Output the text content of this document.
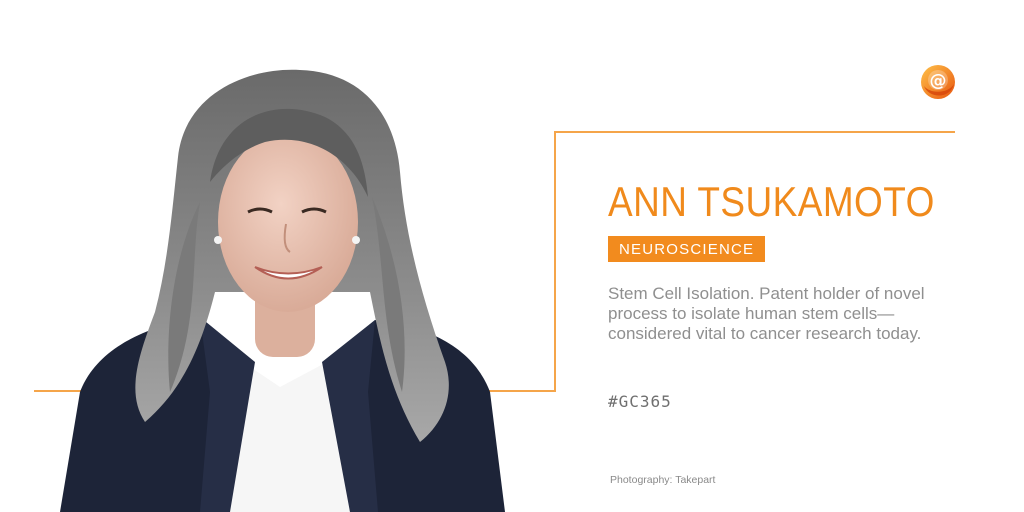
@
ANN TSUKAMOTO
NEUROSCIENCE
Stem Cell Isolation. Patent holder of novel process to isolate human stem cells—considered vital to cancer research today.
#GC365
Photography: Takepart
